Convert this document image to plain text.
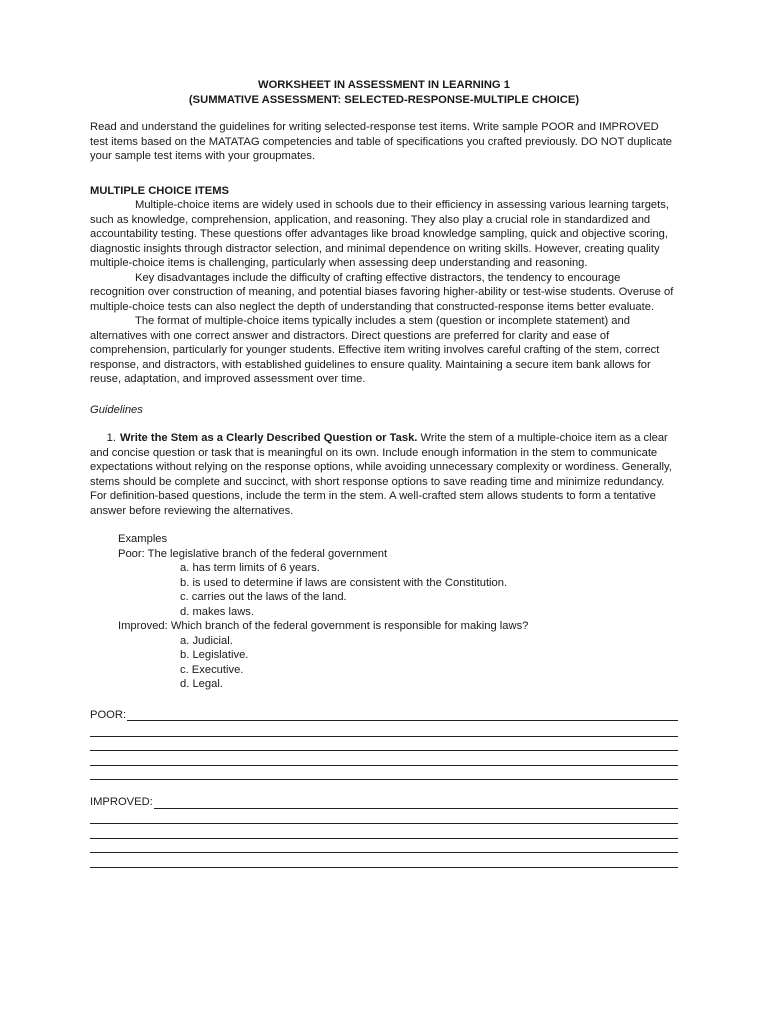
WORKSHEET IN ASSESSMENT IN LEARNING 1

(SUMMATIVE ASSESSMENT: SELECTED-RESPONSE-MULTIPLE CHOICE)

Read and understand the guidelines for writing selected-response test items. Write sample POOR and IMPROVED test items based on the MATATAG competencies and table of specifications you crafted previously. DO NOT duplicate your sample test items with your groupmates.

MULTIPLE CHOICE ITEMS

Multiple-choice items are widely used in schools due to their efficiency in assessing various learning targets, such as knowledge, comprehension, application, and reasoning. They also play a crucial role in standardized and accountability testing. These questions offer advantages like broad knowledge sampling, quick and objective scoring, diagnostic insights through distractor selection, and minimal dependence on writing skills. However, creating quality multiple-choice items is challenging, particularly when assessing deep understanding and reasoning.

Key disadvantages include the difficulty of crafting effective distractors, the tendency to encourage recognition over construction of meaning, and potential biases favoring higher-ability or test-wise students. Overuse of multiple-choice tests can also neglect the depth of understanding that constructed-response items better evaluate.

The format of multiple-choice items typically includes a stem (question or incomplete statement) and alternatives with one correct answer and distractors. Direct questions are preferred for clarity and ease of comprehension, particularly for younger students. Effective item writing involves careful crafting of the stem, correct response, and distractors, with established guidelines to ensure quality. Maintaining a secure item bank allows for reuse, adaptation, and improved assessment over time.

Guidelines

1. Write the Stem as a Clearly Described Question or Task. Write the stem of a multiple-choice item as a clear and concise question or task that is meaningful on its own. Include enough information in the stem to communicate expectations without relying on the response options, while avoiding unnecessary complexity or wordiness. Generally, stems should be complete and succinct, with short response options to save reading time and minimize redundancy. For definition-based questions, include the term in the stem. A well-crafted stem allows students to form a tentative answer before reviewing the alternatives.

Examples

Poor: The legislative branch of the federal government

a. has term limits of 6 years.

b. is used to determine if laws are consistent with the Constitution.

c. carries out the laws of the land.

d. makes laws.

Improved: Which branch of the federal government is responsible for making laws?

a. Judicial.

b. Legislative.

c. Executive.

d. Legal.

POOR:
IMPROVED:
